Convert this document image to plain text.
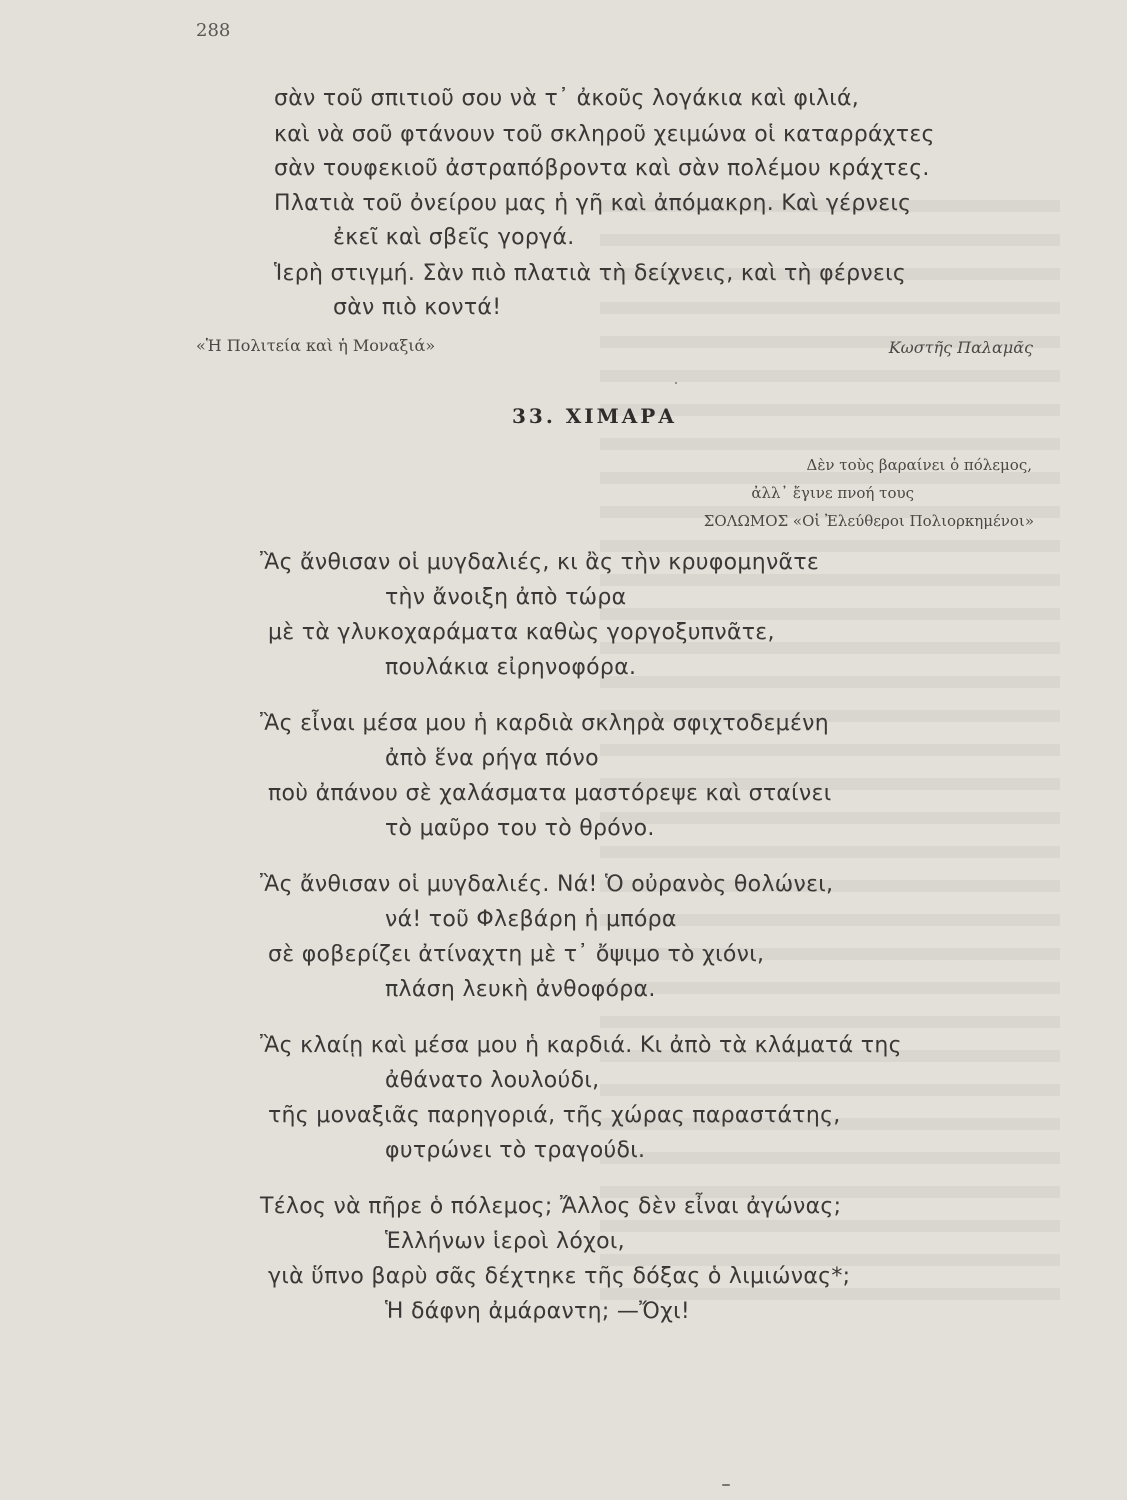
288
σὰν τοῦ σπιτιοῦ σου νὰ τ᾽ ἀκοῦς λογάκια καὶ φιλιά,
καὶ νὰ σοῦ φτάνουν τοῦ σκληροῦ χειμώνα οἱ καταρράχτες
σὰν τουφεκιοῦ ἀστραπόβροντα καὶ σὰν πολέμου κράχτες.
Πλατιὰ τοῦ ὀνείρου μας ἡ γῆ καὶ ἀπόμακρη. Καὶ γέρνεις
ἐκεῖ καὶ σβεῖς γοργά.
Ἱερὴ στιγμή. Σὰν πιὸ πλατιὰ τὴ δείχνεις, καὶ τὴ φέρνεις
σὰν πιὸ κοντά!
«Ἡ Πολιτεία καὶ ἡ Μοναξιά»	Κωστῆς Παλαμᾶς
33. ΧΙΜΑΡΑ
Δὲν τοὺς βαραίνει ὁ πόλεμος,
ἀλλ᾽ ἔγινε πνοή τους
ΣΟΛΩΜΟΣ «Οἱ Ἐλεύθεροι Πολιορκημένοι»
Ἂς ἄνθισαν οἱ μυγδαλιές, κι ἂς τὴν κρυφομηνᾶτε
τὴν ἄνοιξη ἀπὸ τώρα
μὲ τὰ γλυκοχαράματα καθὼς γοργοξυπνᾶτε,
πουλάκια εἰρηνοφόρα.
Ἂς εἶναι μέσα μου ἡ καρδιὰ σκληρὰ σφιχτοδεμένη
ἀπὸ ἕνα ρήγα πόνο
ποὺ ἀπάνου σὲ χαλάσματα μαστόρεψε καὶ σταίνει
τὸ μαῦρο του τὸ θρόνο.
Ἂς ἄνθισαν οἱ μυγδαλιές. Νά! Ὁ οὐρανὸς θολώνει,
νά! τοῦ Φλεβάρη ἡ μπόρα
σὲ φοβερίζει ἀτίναχτη μὲ τ᾽ ὄψιμο τὸ χιόνι,
πλάση λευκὴ ἀνθοφόρα.
Ἂς κλαίῃ καὶ μέσα μου ἡ καρδιά. Κι ἀπὸ τὰ κλάματά της
ἀθάνατο λουλούδι,
τῆς μοναξιᾶς παρηγοριά, τῆς χώρας παραστάτης,
φυτρώνει τὸ τραγούδι.
Τέλος νὰ πῆρε ὁ πόλεμος; Ἄλλος δὲν εἶναι ἀγώνας;
Ἑλλήνων ἱεροὶ λόχοι,
γιὰ ὕπνο βαρὺ σᾶς δέχτηκε τῆς δόξας ὁ λιμιώνας*;
Ἡ δάφνη ἀμάραντη; —Ὄχι!
